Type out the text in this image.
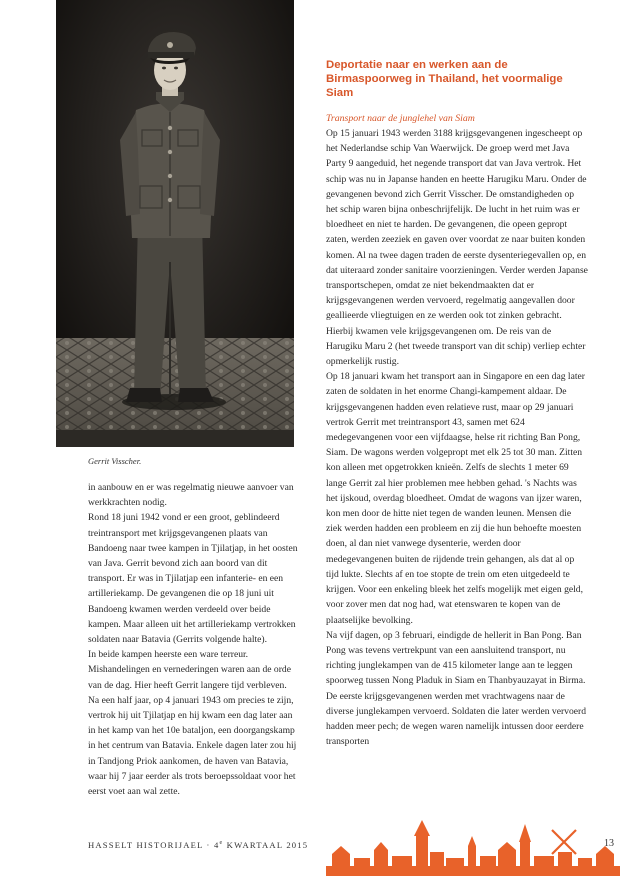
Gerrit Visscher.

in aanbouw en er was regelmatig nieuwe aanvoer van werkkrachten nodig.

Rond 18 juni 1942 vond er een groot, geblindeerd treintransport met krijgsgevangenen plaats van Bandoeng naar twee kampen in Tjilatjap, in het oosten van Java. Gerrit bevond zich aan boord van dit transport. Er was in Tjilatjap een infanterie- en een artilleriekamp. De gevangenen die op 18 juni uit Bandoeng kwamen werden verdeeld over beide kampen. Maar alleen uit het artilleriekamp vertrokken soldaten naar Batavia (Gerrits volgende halte).

In beide kampen heerste een ware terreur. Mishandelingen en vernederingen waren aan de orde van de dag. Hier heeft Gerrit langere tijd verbleven. Na een half jaar, op 4 januari 1943 om precies te zijn, vertrok hij uit Tjilatjap en hij kwam een dag later aan in het kamp van het 10e bataljon, een doorgangskamp in het centrum van Batavia. Enkele dagen later zou hij in Tandjong Priok aankomen, de haven van Batavia, waar hij 7 jaar eerder als trots beroepssoldaat voor het eerst voet aan wal zette.

Deportatie naar en werken aan de Birmaspoorweg in Thailand, het voormalige Siam
Transport naar de junglehel van Siam

Op 15 januari 1943 werden 3188 krijgsgevangenen ingescheept op het Nederlandse schip Van Waerwijck. De groep werd met Java Party 9 aangeduid, het negende transport dat van Java vertrok. Het schip was nu in Japanse handen en heette Harugiku Maru. Onder de gevangenen bevond zich Gerrit Visscher. De omstandigheden op het schip waren bijna onbeschrijfelijk. De lucht in het ruim was er bloedheet en niet te harden. De gevangenen, die opeen gepropt zaten, werden zeeziek en gaven over voordat ze naar buiten konden komen. Al na twee dagen traden de eerste dysenteriegevallen op, en dat uiteraard zonder sanitaire voorzieningen. Verder werden Japanse transportschepen, omdat ze niet bekendmaakten dat er krijgsgevangenen werden vervoerd, regelmatig aangevallen door geallieerde vliegtuigen en ze werden ook tot zinken gebracht. Hierbij kwamen vele krijgsgevangenen om. De reis van de Harugiku Maru 2 (het tweede transport van dit schip) verliep echter opmerkelijk rustig.

Op 18 januari kwam het transport aan in Singapore en een dag later zaten de soldaten in het enorme Changi-kampement aldaar. De krijgsgevangenen hadden even relatieve rust, maar op 29 januari vertrok Gerrit met treintransport 43, samen met 624 medegevangenen voor een vijfdaagse, helse rit richting Ban Pong, Siam. De wagons werden volgepropt met elk 25 tot 30 man. Zitten kon alleen met opgetrokken knieën. Zelfs de slechts 1 meter 69 lange Gerrit zal hier problemen mee hebben gehad. 's Nachts was het ijskoud, overdag bloedheet. Omdat de wagons van ijzer waren, kon men door de hitte niet tegen de wanden leunen. Mensen die ziek werden hadden een probleem en zij die hun behoefte moesten doen, al dan niet vanwege dysenterie, werden door medegevangenen buiten de rijdende trein gehangen, als dat al op tijd lukte. Slechts af en toe stopte de trein om eten uitgedeeld te krijgen. Voor een enkeling bleek het zelfs mogelijk met eigen geld, voor zover men dat nog had, wat etenswaren te kopen van de plaatselijke bevolking.

Na vijf dagen, op 3 februari, eindigde de hellerit in Ban Pong. Ban Pong was tevens vertrekpunt van een aansluitend transport, nu richting junglekampen van de 415 kilometer lange aan te leggen spoorweg tussen Nong Pladuk in Siam en Thanbyauzayat in Birma.

De eerste krijgsgevangenen werden met vrachtwagens naar de diverse junglekampen vervoerd. Soldaten die later werden vervoerd hadden meer pech; de wegen waren namelijk intussen door eerdere transporten

HASSELT HISTORIJAEL · $4^e$ KWARTAAL 2015	13
